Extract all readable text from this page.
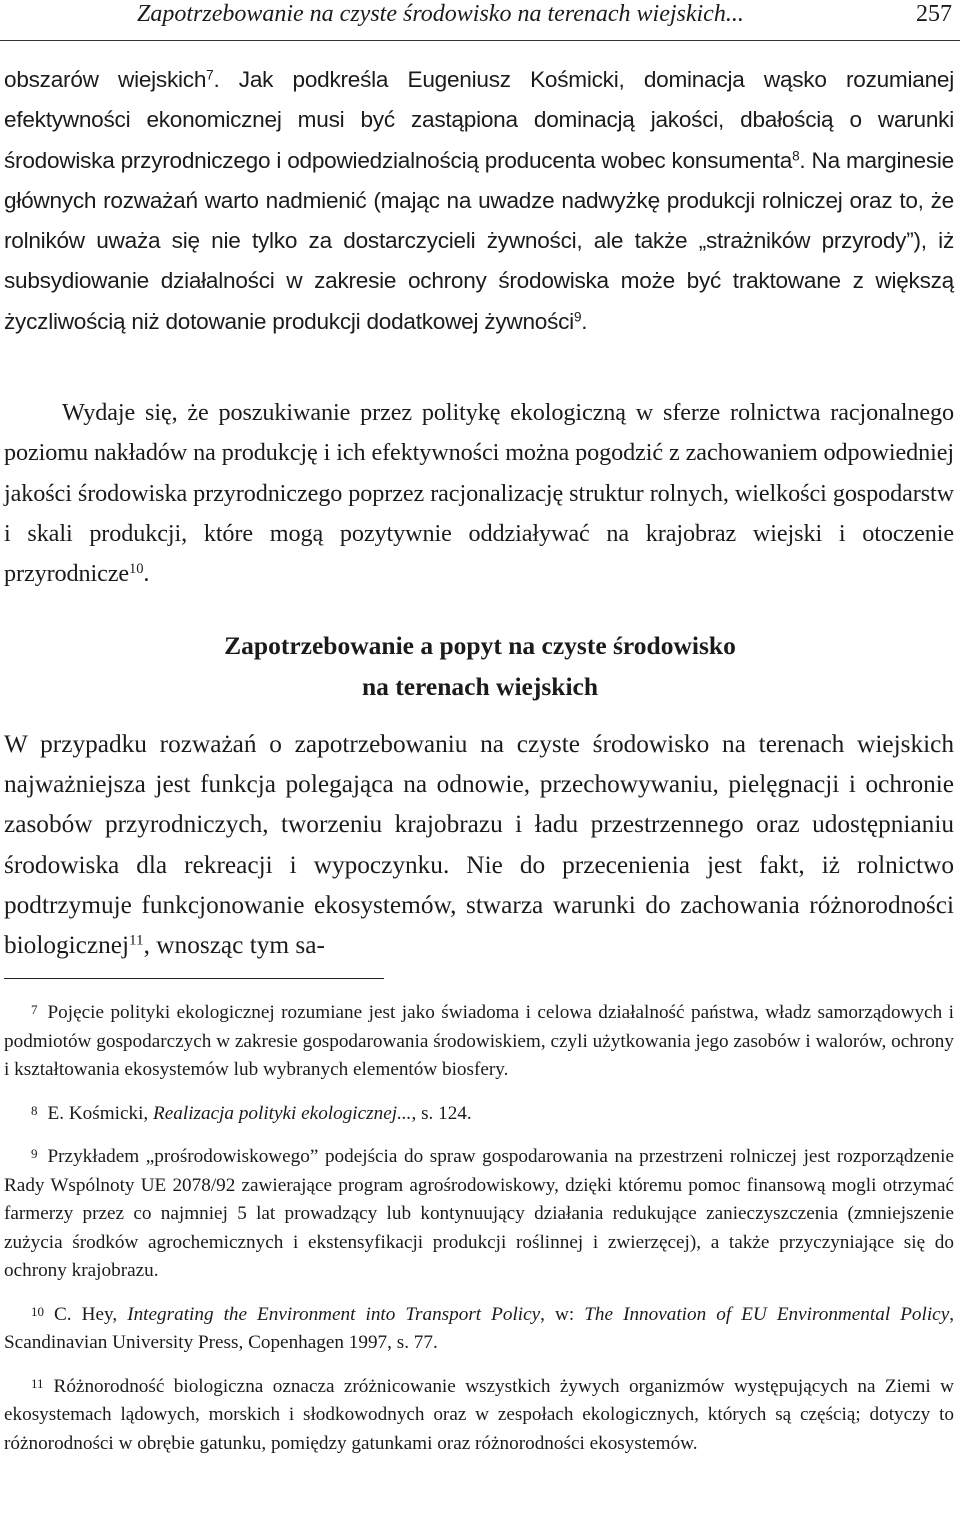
Zapotrzebowanie na czyste środowisko na terenach wiejskich...	257
obszarów wiejskich$^7$. Jak podkreśla Eugeniusz Kośmicki, dominacja wąsko rozumianej efektywności ekonomicznej musi być zastąpiona dominacją jakości, dbałością o warunki środowiska przyrodniczego i odpowiedzialnością producenta wobec konsumenta$^8$. Na marginesie głównych rozważań warto nadmienić (mając na uwadze nadwyżkę produkcji rolniczej oraz to, że rolników uważa się nie tylko za dostarczycieli żywności, ale także „strażników przyrody”), iż subsydiowanie działalności w zakresie ochrony środowiska może być traktowane z większą życzliwością niż dotowanie produkcji dodatkowej żywności$^9$.
Wydaje się, że poszukiwanie przez politykę ekologiczną w sferze rolnictwa racjonalnego poziomu nakładów na produkcję i ich efektywności można pogodzić z zachowaniem odpowiedniej jakości środowiska przyrodniczego poprzez racjonalizację struktur rolnych, wielkości gospodarstw i skali produkcji, które mogą pozytywnie oddziaływać na krajobraz wiejski i otoczenie przyrodnicze$^{10}$.
Zapotrzebowanie a popyt na czyste środowisko
na terenach wiejskich
W przypadku rozważań o zapotrzebowaniu na czyste środowisko na terenach wiejskich najważniejsza jest funkcja polegająca na odnowie, przechowywaniu, pielęgnacji i ochronie zasobów przyrodniczych, tworzeniu krajobrazu i ładu przestrzennego oraz udostępnianiu środowiska dla rekreacji i wypoczynku. Nie do przecenienia jest fakt, iż rolnictwo podtrzymuje funkcjonowanie ekosystemów, stwarza warunki do zachowania różnorodności biologicznej$^{11}$, wnosząc tym sa-
$^7$ Pojęcie polityki ekologicznej rozumiane jest jako świadoma i celowa działalność państwa, władz samorządowych i podmiotów gospodarczych w zakresie gospodarowania środowiskiem, czyli użytkowania jego zasobów i walorów, ochrony i kształtowania ekosystemów lub wybranych elementów biosfery.
$^8$ E. Kośmicki, Realizacja polityki ekologicznej..., s. 124.
$^9$ Przykładem „prośrodowiskowego” podejścia do spraw gospodarowania na przestrzeni rolniczej jest rozporządzenie Rady Wspólnoty UE 2078/92 zawierające program agrośrodowiskowy, dzięki któremu pomoc finansową mogli otrzymać farmerzy przez co najmniej 5 lat prowadzący lub kontynuujący działania redukujące zanieczyszczenia (zmniejszenie zużycia środków agrochemicznych i ekstensyfikacji produkcji roślinnej i zwierzęcej), a także przyczyniające się do ochrony krajobrazu.
$^{10}$ C. Hey, Integrating the Environment into Transport Policy, w: The Innovation of EU Environmental Policy, Scandinavian University Press, Copenhagen 1997, s. 77.
$^{11}$ Różnorodność biologiczna oznacza zróżnicowanie wszystkich żywych organizmów występujących na Ziemi w ekosystemach lądowych, morskich i słodkowodnych oraz w zespołach ekologicznych, których są częścią; dotyczy to różnorodności w obrębie gatunku, pomiędzy gatunkami oraz różnorodności ekosystemów.
